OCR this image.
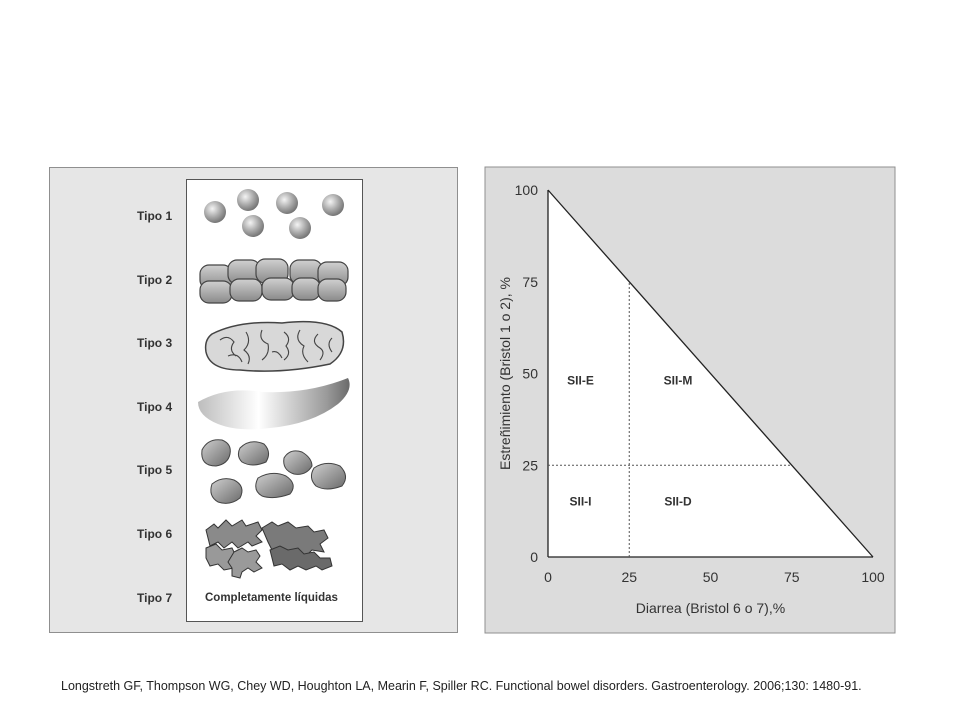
Tipo 1
Tipo 2
Tipo 3
Tipo 4
Tipo 5
Tipo 6
Tipo 7	Completamente líquidas
0	25	50	75	100
0
25
50
75
100
SII-E	SII-M
SII-I	SII-D
Diarrea (Bristol 6 o 7),%
Estreñimiento (Bristol 1 o 2), %
Longstreth GF, Thompson WG, Chey WD, Houghton LA, Mearin F, Spiller RC. Functional bowel disorders. Gastroenterology. 2006;130: 1480-91.
